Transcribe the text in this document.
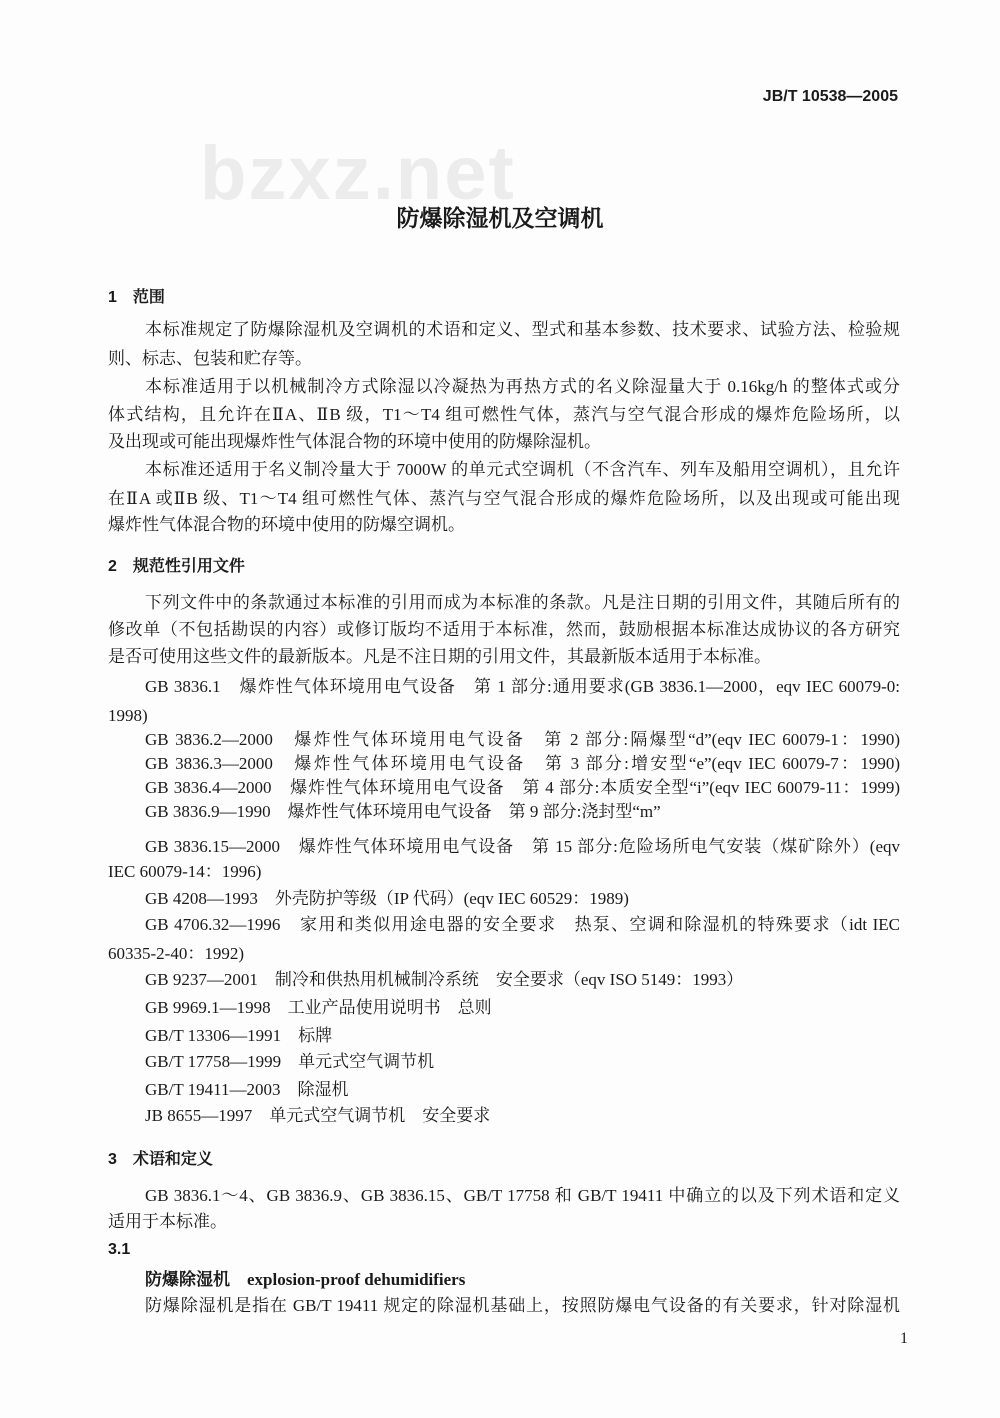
JB/T 10538—2005
bzxz.net
防爆除湿机及空调机
1　范围
本标准规定了防爆除湿机及空调机的术语和定义、型式和基本参数、技术要求、试验方法、检验规
则、标志、包装和贮存等。
本标准适用于以机械制冷方式除湿以冷凝热为再热方式的名义除湿量大于 0.16kg/h 的整体式或分
体式结构，且允许在ⅡA、ⅡB 级，T1～T4 组可燃性气体，蒸汽与空气混合形成的爆炸危险场所，以
及出现或可能出现爆炸性气体混合物的环境中使用的防爆除湿机。
本标准还适用于名义制冷量大于 7000W 的单元式空调机（不含汽车、列车及船用空调机），且允许
在ⅡA 或ⅡB 级、T1～T4 组可燃性气体、蒸汽与空气混合形成的爆炸危险场所，以及出现或可能出现
爆炸性气体混合物的环境中使用的防爆空调机。
2　规范性引用文件
下列文件中的条款通过本标准的引用而成为本标准的条款。凡是注日期的引用文件，其随后所有的
修改单（不包括勘误的内容）或修订版均不适用于本标准，然而，鼓励根据本标准达成协议的各方研究
是否可使用这些文件的最新版本。凡是不注日期的引用文件，其最新版本适用于本标准。
GB 3836.1　爆炸性气体环境用电气设备　第 1 部分:通用要求(GB 3836.1—2000，eqv IEC 60079-0:
1998)
GB 3836.2—2000　爆炸性气体环境用电气设备　第 2 部分:隔爆型“d”(eqv IEC 60079-1：1990)
GB 3836.3—2000　爆炸性气体环境用电气设备　第 3 部分:增安型“e”(eqv IEC 60079-7：1990)
GB 3836.4—2000　爆炸性气体环境用电气设备　第 4 部分:本质安全型“i”(eqv IEC 60079-11：1999)
GB 3836.9—1990　爆炸性气体环境用电气设备　第 9 部分:浇封型“m”
GB 3836.15—2000　爆炸性气体环境用电气设备　第 15 部分:危险场所电气安装（煤矿除外）(eqv
IEC 60079-14：1996)
GB 4208—1993　外壳防护等级（IP 代码）(eqv IEC 60529：1989)
GB 4706.32—1996　家用和类似用途电器的安全要求　热泵、空调和除湿机的特殊要求（idt IEC
60335-2-40：1992)
GB 9237—2001　制冷和供热用机械制冷系统　安全要求（eqv ISO 5149：1993）
GB 9969.1—1998　工业产品使用说明书　总则
GB/T 13306—1991　标牌
GB/T 17758—1999　单元式空气调节机
GB/T 19411—2003　除湿机
JB 8655—1997　单元式空气调节机　安全要求
3　术语和定义
GB 3836.1～4、GB 3836.9、GB 3836.15、GB/T 17758 和 GB/T 19411 中确立的以及下列术语和定义
适用于本标准。
3.1
防爆除湿机　explosion-proof dehumidifiers
防爆除湿机是指在 GB/T 19411 规定的除湿机基础上，按照防爆电气设备的有关要求，针对除湿机
1
